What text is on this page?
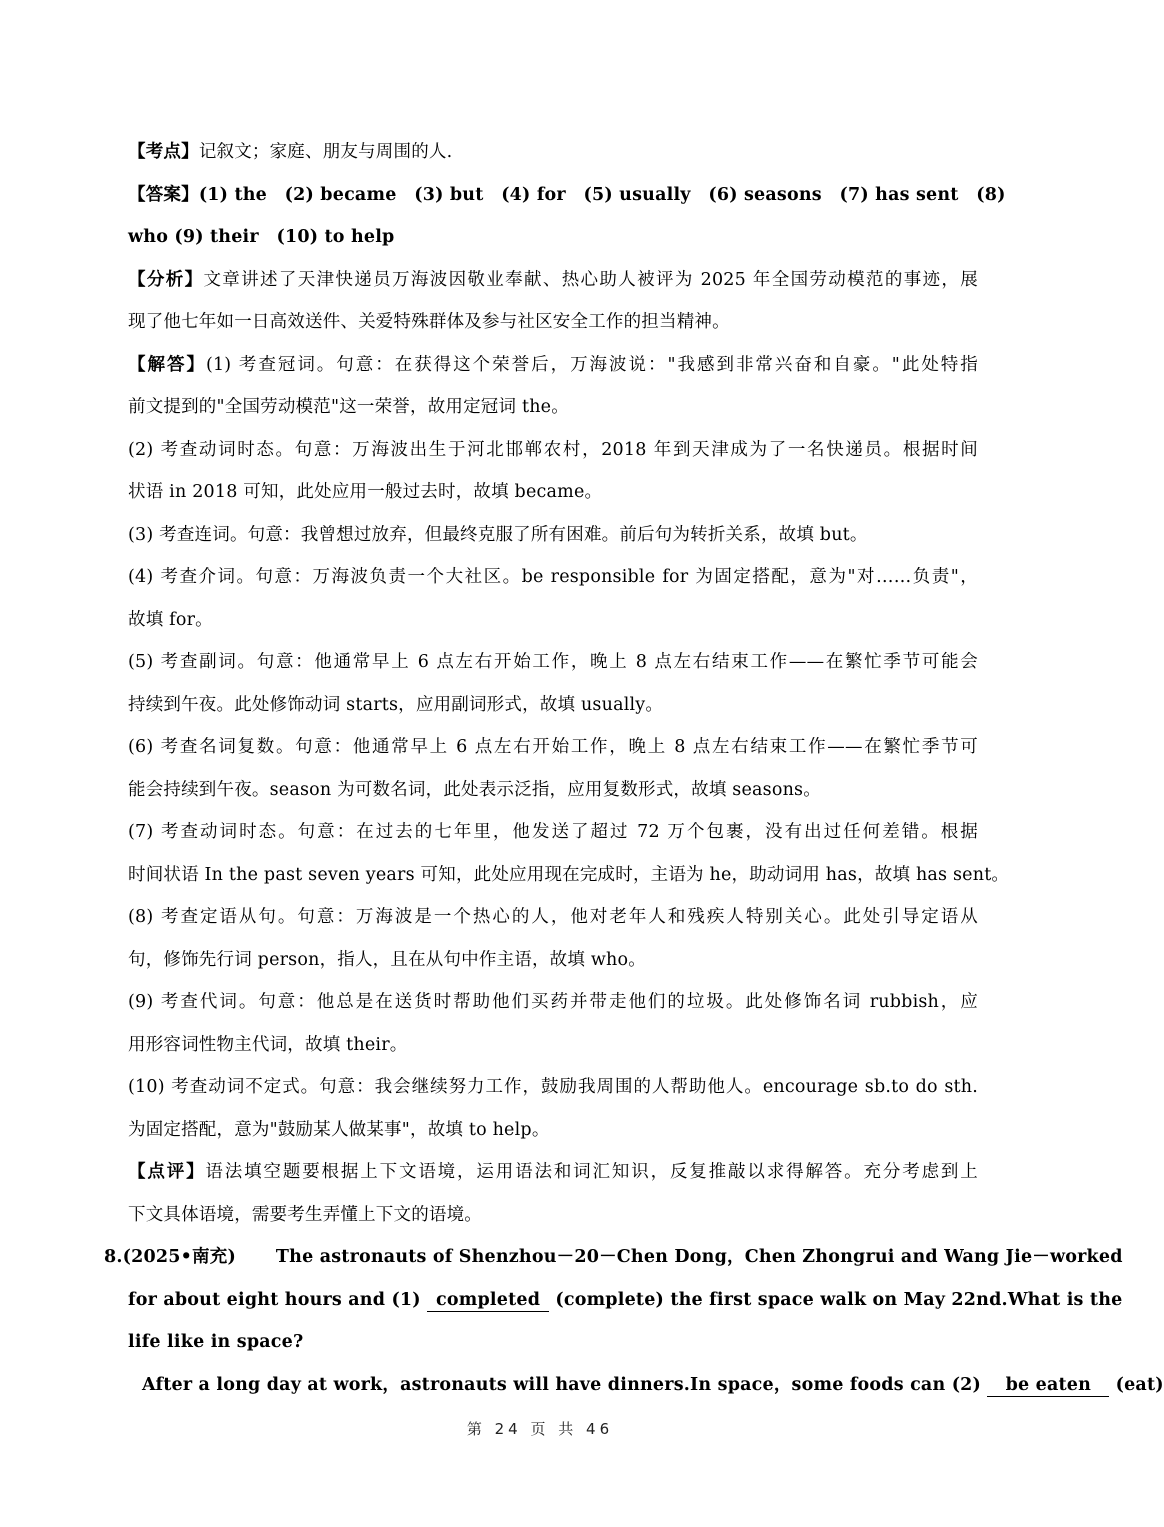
【考点】记叙文；家庭、朋友与周围的人.
【答案】(1) the　(2) became　(3) but　(4) for　(5) usually　(6) seasons　(7) has sent　(8)
who (9) their　(10) to help
【分析】文章讲述了天津快递员万海波因敬业奉献、热心助人被评为 2025 年全国劳动模范的事迹，展
现了他七年如一日高效送件、关爱特殊群体及参与社区安全工作的担当精神。
【解答】(1) 考查冠词。句意：在获得这个荣誉后，万海波说："我感到非常兴奋和自豪。"此处特指
前文提到的"全国劳动模范"这一荣誉，故用定冠词 the。
(2) 考查动词时态。句意：万海波出生于河北邯郸农村，2018 年到天津成为了一名快递员。根据时间
状语 in 2018 可知，此处应用一般过去时，故填 became。
(3) 考查连词。句意：我曾想过放弃，但最终克服了所有困难。前后句为转折关系，故填 but。
(4) 考查介词。句意：万海波负责一个大社区。be responsible for 为固定搭配，意为"对……负责"，
故填 for。
(5) 考查副词。句意：他通常早上 6 点左右开始工作，晚上 8 点左右结束工作——在繁忙季节可能会
持续到午夜。此处修饰动词 starts，应用副词形式，故填 usually。
(6) 考查名词复数。句意：他通常早上 6 点左右开始工作，晚上 8 点左右结束工作——在繁忙季节可
能会持续到午夜。season 为可数名词，此处表示泛指，应用复数形式，故填 seasons。
(7) 考查动词时态。句意：在过去的七年里，他发送了超过 72 万个包裹，没有出过任何差错。根据
时间状语 In the past seven years 可知，此处应用现在完成时，主语为 he，助动词用 has，故填 has sent。
(8) 考查定语从句。句意：万海波是一个热心的人，他对老年人和残疾人特别关心。此处引导定语从
句，修饰先行词 person，指人，且在从句中作主语，故填 who。
(9) 考查代词。句意：他总是在送货时帮助他们买药并带走他们的垃圾。此处修饰名词 rubbish，应
用形容词性物主代词，故填 their。
(10) 考查动词不定式。句意：我会继续努力工作，鼓励我周围的人帮助他人。encourage sb.to do sth.
为固定搭配，意为"鼓励某人做某事"，故填 to help。
【点评】语法填空题要根据上下文语境，运用语法和词汇知识，反复推敲以求得解答。充分考虑到上
下文具体语境，需要考生弄懂上下文的语境。
8.(2025•南充) The astronauts of Shenzhou－20－Chen Dong，Chen Zhongrui and Wang Jie－worked
for about eight hours and (1) completed (complete) the first space walk on May 22nd.What is the
life like in space?
After a long day at work，astronauts will have dinners.In space，some foods can (2) be eaten (eat)
第 24 页 共 46
